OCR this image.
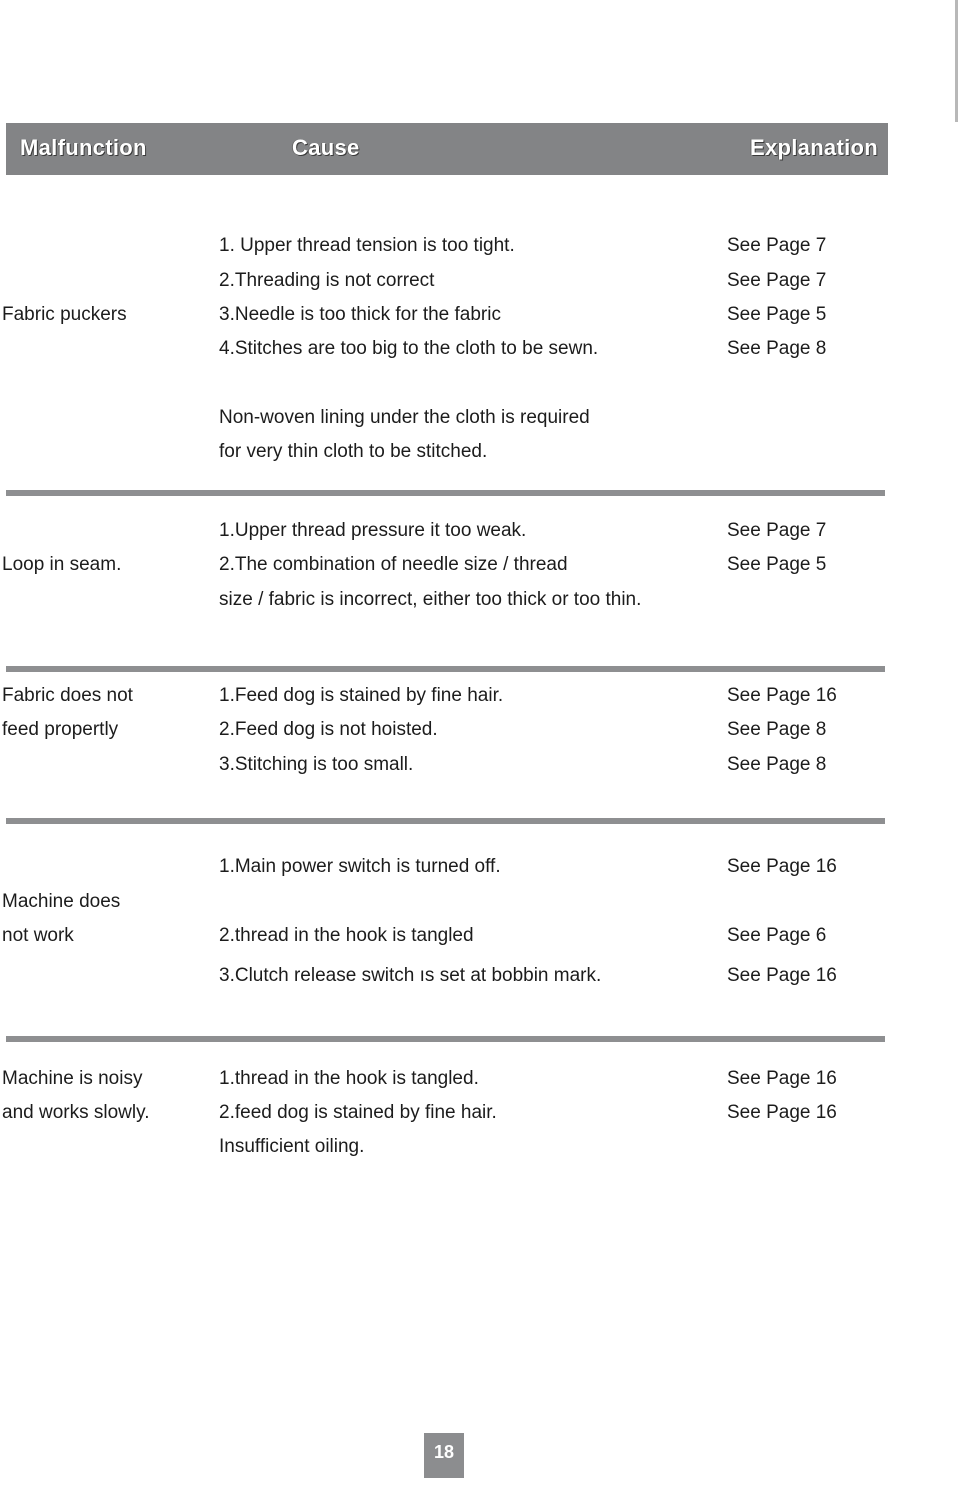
Malfunction	Cause	Explanation
Fabric puckers
1. Upper thread tension is too tight.
2.Threading is not correct
3.Needle is too thick for the fabric
4.Stitches are too big to the cloth to be sewn.
Non-woven lining under the cloth is required
for very thin cloth to be stitched.
See Page 7
See Page 7
See Page 5
See Page 8
Loop in seam.
1.Upper thread pressure it too weak.
2.The combination of needle size / thread
size / fabric is incorrect, either too thick or too thin.
See Page 7
See Page 5
Fabric does not
feed propertly
1.Feed dog is stained by fine hair.
2.Feed dog is not hoisted.
3.Stitching is too small.
See Page 16
See Page 8
See Page 8
Machine does
not work
1.Main power switch is turned off.
2.thread in the hook is tangled
3.Clutch release switch ıs set at bobbin mark.
See Page 16
See Page 6
See Page 16
Machine is noisy
and works slowly.
1.thread in the hook is tangled.
2.feed dog is stained by fine hair.
Insufficient oiling.
See Page 16
See Page 16
18
